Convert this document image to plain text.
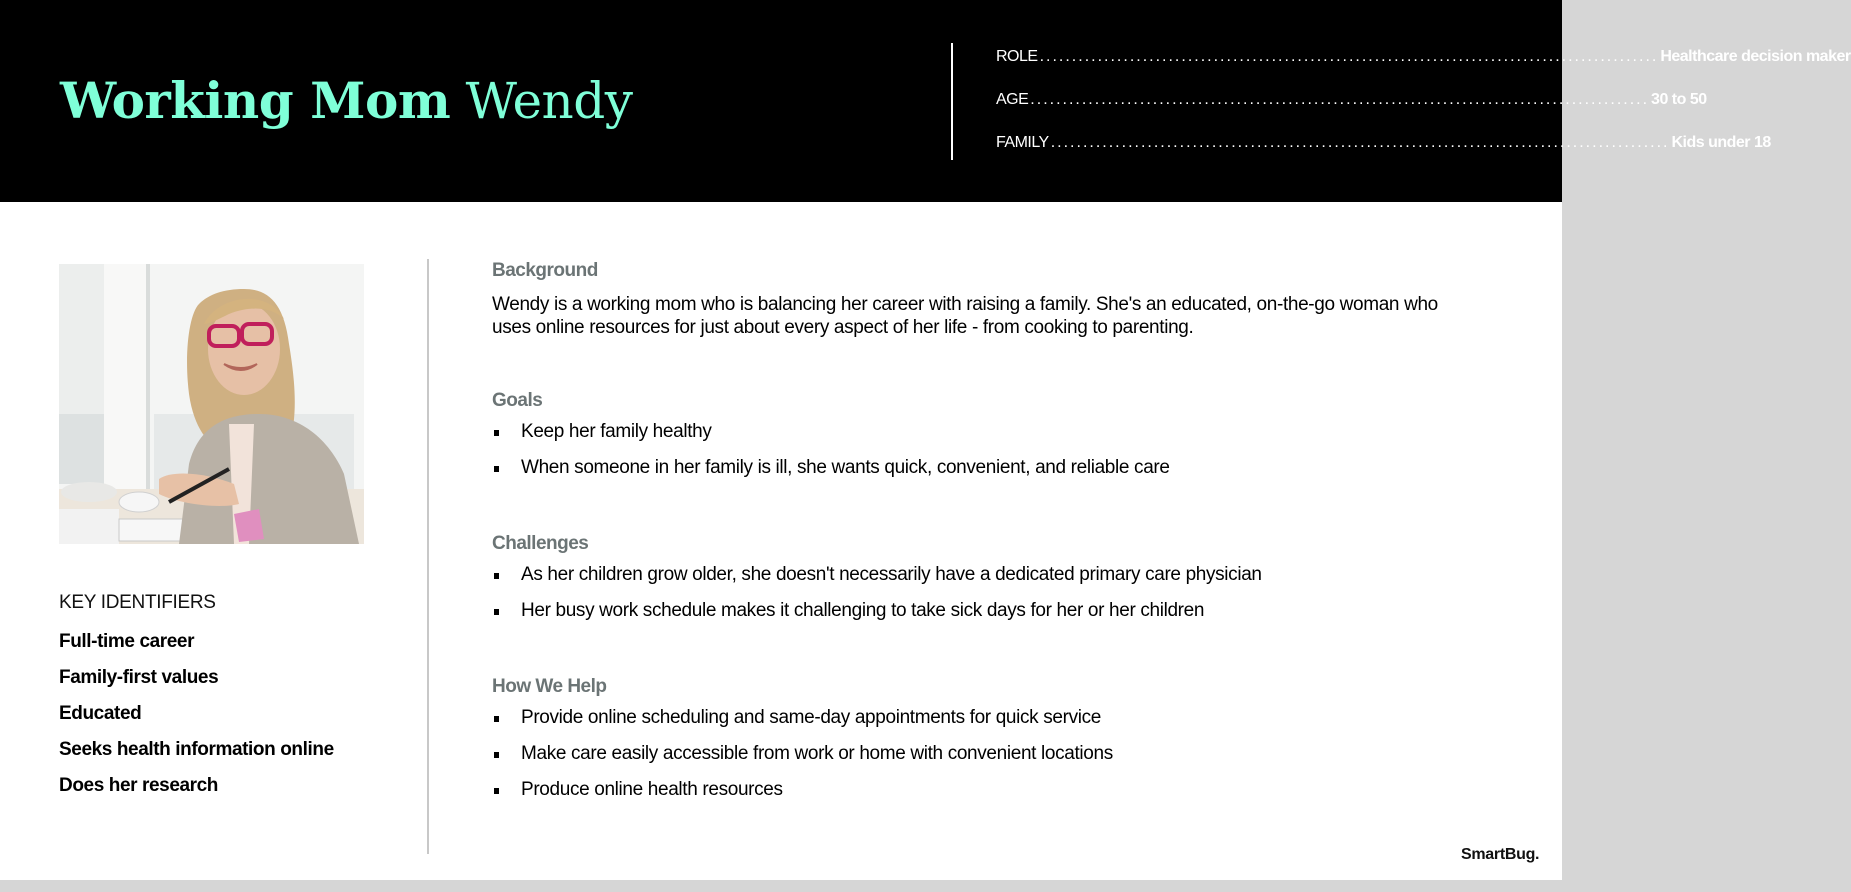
Working Mom Wendy
ROLE ................................................................................................ Healthcare decision maker
AGE ................................................................................................ 30 to 50
FAMILY ................................................................................................ Kids under 18
KEY IDENTIFIERS
Full-time career
Family-first values
Educated
Seeks health information online
Does her research
Background
Wendy is a working mom who is balancing her career with raising a family. She's an educated, on-the-go woman who uses online resources for just about every aspect of her life - from cooking to parenting.
Goals
Keep her family healthy
When someone in her family is ill, she wants quick, convenient, and reliable care
Challenges
As her children grow older, she doesn't necessarily have a dedicated primary care physician
Her busy work schedule makes it challenging to take sick days for her or her children
How We Help
Provide online scheduling and same-day appointments for quick service
Make care easily accessible from work or home with convenient locations
Produce online health resources
SmartBug.
